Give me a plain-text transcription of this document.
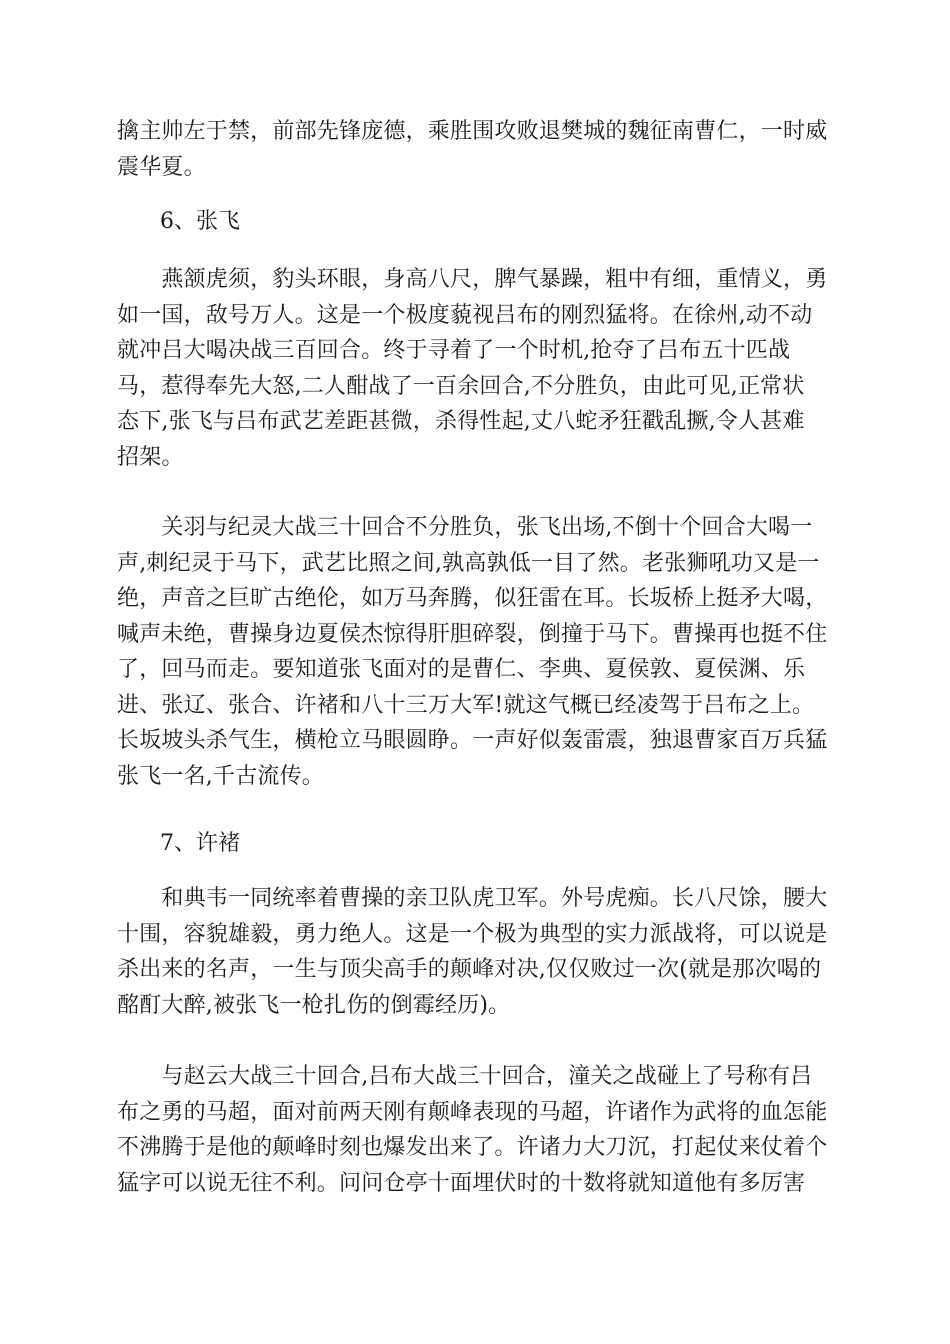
擒主帅左于禁，前部先锋庞德，乘胜围攻败退樊城的魏征南曹仁，一时威
震华夏。

6、张飞

　　燕颔虎须，豹头环眼，身高八尺，脾气暴躁，粗中有细，重情义，勇
如一国，敌号万人。这是一个极度藐视吕布的刚烈猛将。在徐州,动不动
就冲吕大喝决战三百回合。终于寻着了一个时机,抢夺了吕布五十匹战
马，惹得奉先大怒,二人酣战了一百余回合,不分胜负，由此可见,正常状
态下,张飞与吕布武艺差距甚微，杀得性起,丈八蛇矛狂戳乱撅,令人甚难
招架。

　　关羽与纪灵大战三十回合不分胜负，张飞出场,不倒十个回合大喝一
声,刺纪灵于马下，武艺比照之间,孰高孰低一目了然。老张狮吼功又是一
绝，声音之巨旷古绝伦，如万马奔腾，似狂雷在耳。长坂桥上挺矛大喝，
喊声未绝，曹操身边夏侯杰惊得肝胆碎裂，倒撞于马下。曹操再也挺不住
了，回马而走。要知道张飞面对的是曹仁、李典、夏侯敦、夏侯渊、乐
进、张辽、张合、许褚和八十三万大军!就这气概已经凌驾于吕布之上。
长坂坡头杀气生，横枪立马眼圆睁。一声好似轰雷震，独退曹家百万兵猛
张飞一名,千古流传。

7、许褚

　　和典韦一同统率着曹操的亲卫队虎卫军。外号虎痴。长八尺馀，腰大
十围，容貌雄毅，勇力绝人。这是一个极为典型的实力派战将，可以说是
杀出来的名声，一生与顶尖高手的颠峰对决,仅仅败过一次(就是那次喝的
酩酊大醉,被张飞一枪扎伤的倒霉经历)。

　　与赵云大战三十回合,吕布大战三十回合，潼关之战碰上了号称有吕
布之勇的马超，面对前两天刚有颠峰表现的马超，许诸作为武将的血怎能
不沸腾于是他的颠峰时刻也爆发出来了。许诸力大刀沉，打起仗来仗着个
猛字可以说无往不利。问问仓亭十面埋伏时的十数将就知道他有多厉害
